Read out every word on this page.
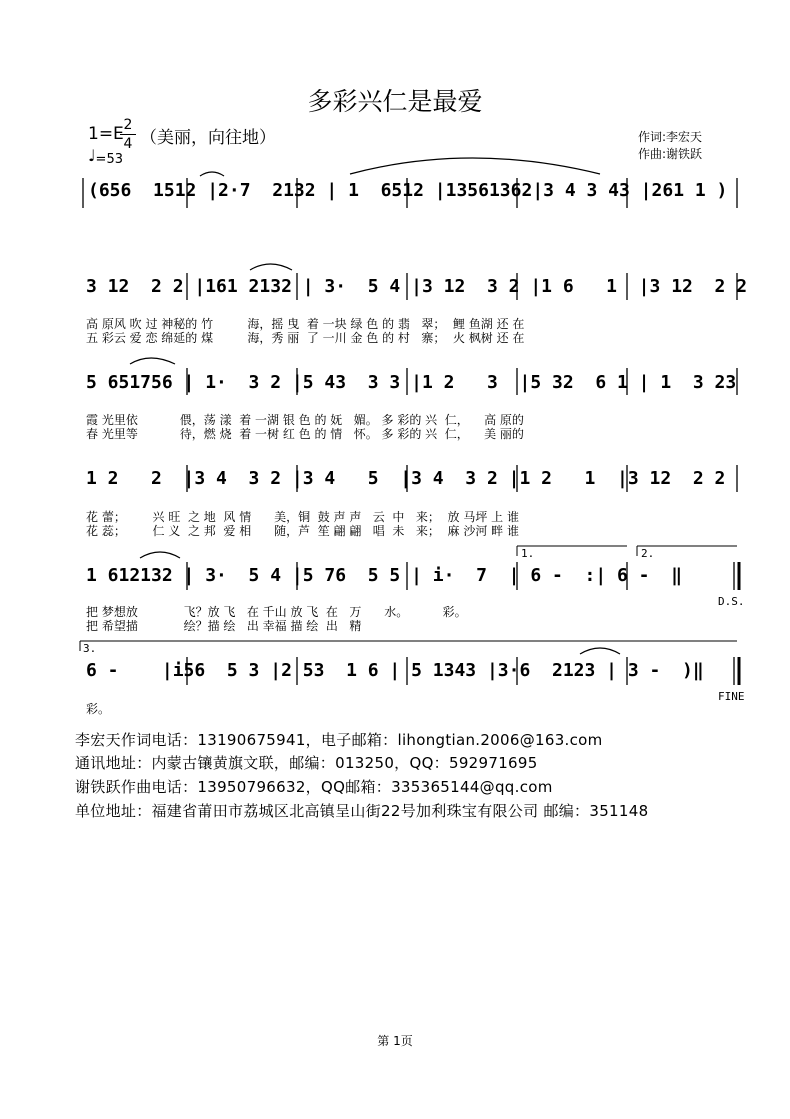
多彩兴仁是最爱
1=E 2
4 （美丽，向往地）	作词:李宏天
作曲:谢铁跃
♩=53
(656  1512 |2·7  2132 | 1  6512 |13561362|3 4 3 43 |261 1 )
3 12  2 2 |161 2132 | 3·  5 4 |3 12  3 2 |1 6   1  |3 12  2 2
高 原风 吹 过 神秘的 竹         海，摇 曳  着 一块 绿 色 的 翡   翠；  鲤 鱼湖 还 在
五 彩云 爱 恋 绵延的 煤         海，秀 丽  了 一川 金 色 的 村   寨；  火 枫树 还 在
5 651756 | 1·  3 2 |5 43  3 3 |1 2   3  |5 32  6 1 | 1  3 23
霞 光里依           偎，荡 漾  着 一湖 银 色 的 妩   媚。 多 彩的 兴  仁，    高 原的
春 光里等           待，燃 烧  着 一树 红 色 的 情   怀。 多 彩的 兴  仁，    美 丽的
1 2   2  |3 4  3 2 |3 4   5  |3 4  3 2 |1 2   1  |3 12  2 2
花 蕾；       兴 旺  之 地  风 情      美，铜  鼓 声 声   云  中   来；  放 马坪 上 谁
花 蕊；       仁 义  之 邦  爱 相      随，芦  笙 翩 翩   唱  未   来；  麻 沙河 畔 谁
1.	2.
1 612132 | 3·  5 4 |5 76  5 5 | i·  7  | 6 -  :| 6 -  ‖
D.S.
把 梦想放            飞？放 飞   在 千山 放 飞  在   万      水。         彩。
把 希望描            绘？描 绘   出 幸福 描 绘  出   精
3.
6 -    |i56  5 3 |2 53  1 6 | 5 1343 |3·6  2123 | 3 -  )‖
FINE
彩。
李宏天作词电话：13190675941，电子邮箱：lihongtian.2006@163.com
通讯地址：内蒙古镶黄旗文联，邮编：013250，QQ：592971695
谢铁跃作曲电话：13950796632，QQ邮箱：335365144@qq.com
单位地址：福建省莆田市荔城区北高镇呈山街22号加利珠宝有限公司 邮编：351148
第 1页
